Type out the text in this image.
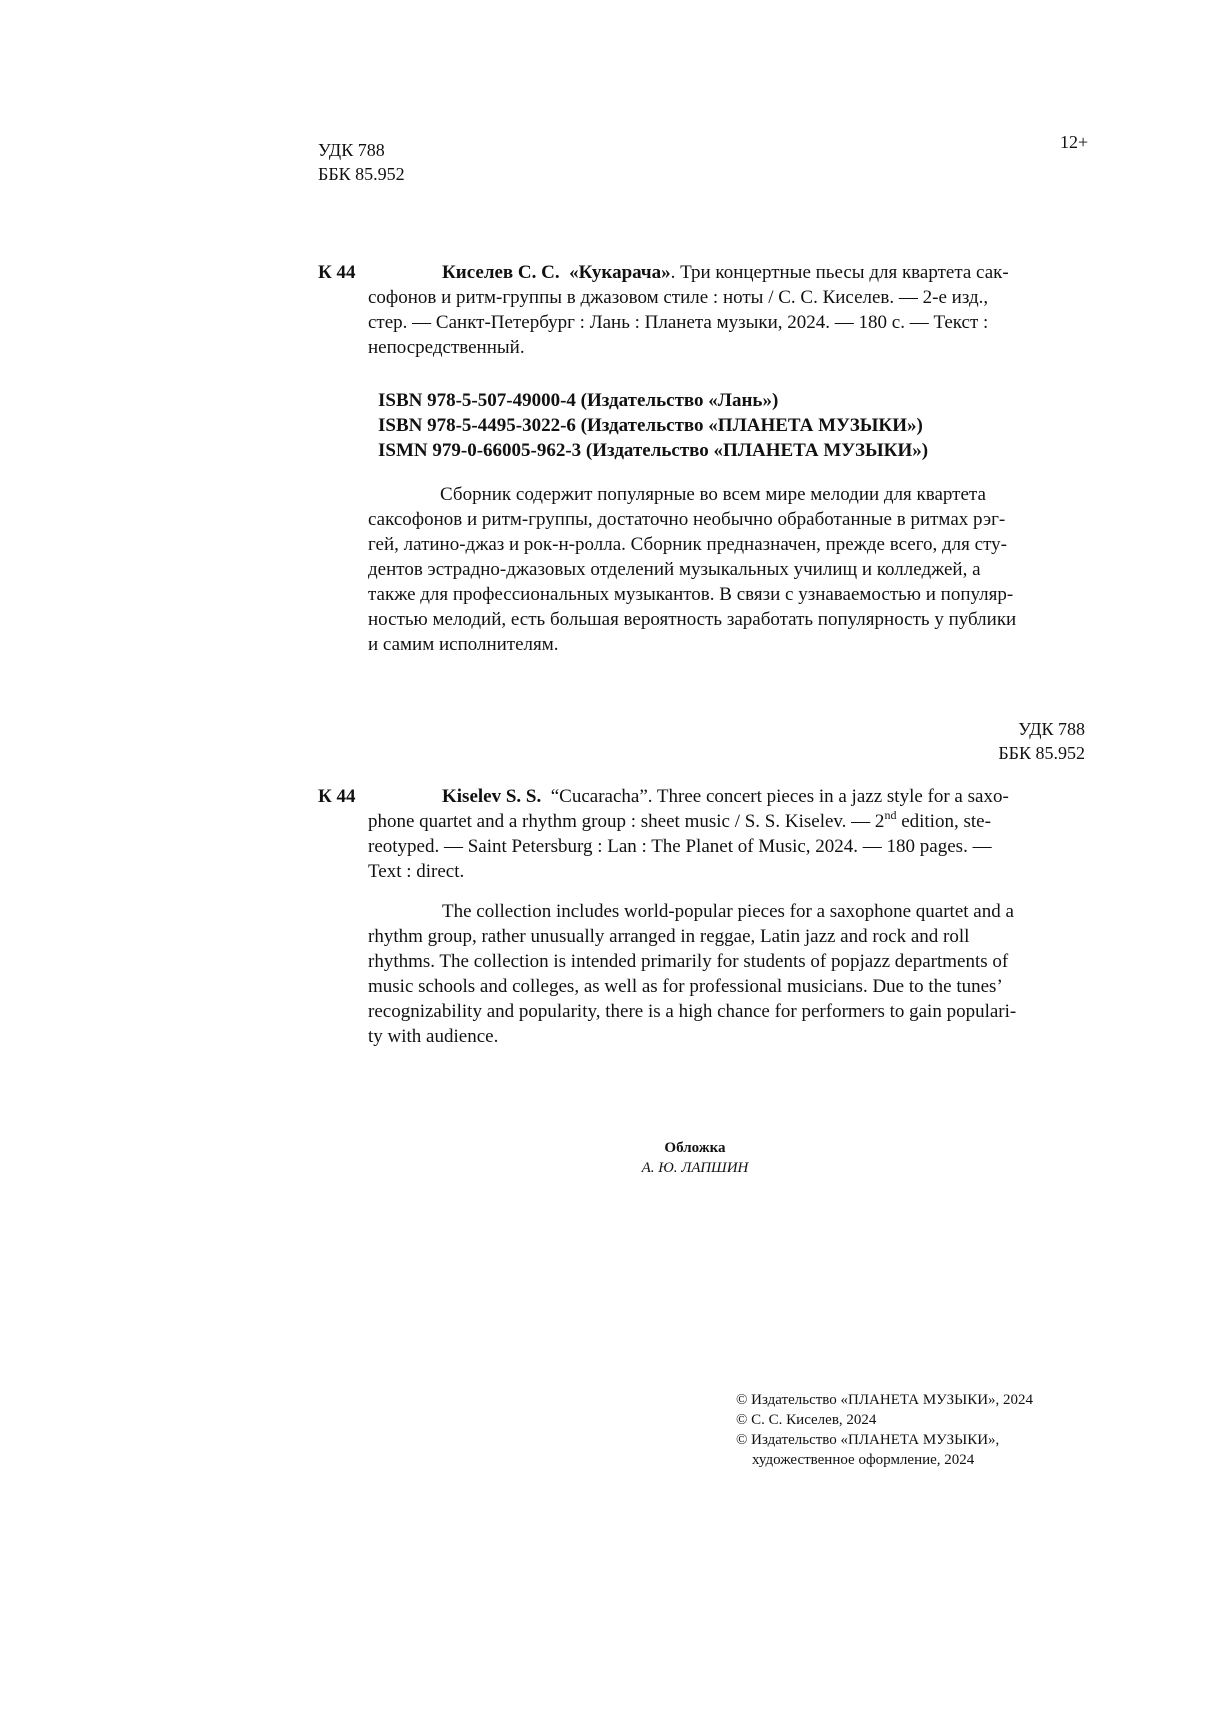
УДК 788
ББК 85.952
12+
К 44	Киселев С. С. «Кукарача». Три концертные пьесы для квартета сак-
софонов и ритм-группы в джазовом стиле : ноты / С. С. Киселев. — 2-е изд.,
стер. — Санкт-Петербург : Лань : Планета музыки, 2024. — 180 с. — Текст :
непосредственный.
ISBN 978-5-507-49000-4 (Издательство «Лань»)
ISBN 978-5-4495-3022-6 (Издательство «ПЛАНЕТА МУЗЫКИ»)
ISMN 979-0-66005-962-3 (Издательство «ПЛАНЕТА МУЗЫКИ»)
Сборник содержит популярные во всем мире мелодии для квартета
саксофонов и ритм-группы, достаточно необычно обработанные в ритмах рэг-
гей, латино-джаз и рок-н-ролла. Сборник предназначен, прежде всего, для сту-
дентов эстрадно-джазовых отделений музыкальных училищ и колледжей, а
также для профессиональных музыкантов. В связи с узнаваемостью и популяр-
ностью мелодий, есть большая вероятность заработать популярность у публики
и самим исполнителям.
УДК 788
ББК 85.952
К 44	Kiselev S. S. “Cucaracha”. Three concert pieces in a jazz style for a saxo-
phone quartet and a rhythm group : sheet music / S. S. Kiselev. — 2nd edition, ste-
reotyped. — Saint Petersburg : Lan : The Planet of Music, 2024. — 180 pages. —
Text : direct.
The collection includes world-popular pieces for a saxophone quartet and a
rhythm group, rather unusually arranged in reggae, Latin jazz and rock and roll
rhythms. The collection is intended primarily for students of popjazz departments of
music schools and colleges, as well as for professional musicians. Due to the tunes’
recognizability and popularity, there is a high chance for performers to gain populari-
ty with audience.
Обложка
А. Ю. ЛАПШИН
© Издательство «ПЛАНЕТА МУЗЫКИ», 2024
© С. С. Киселев, 2024
© Издательство «ПЛАНЕТА МУЗЫКИ»,
художественное оформление, 2024
